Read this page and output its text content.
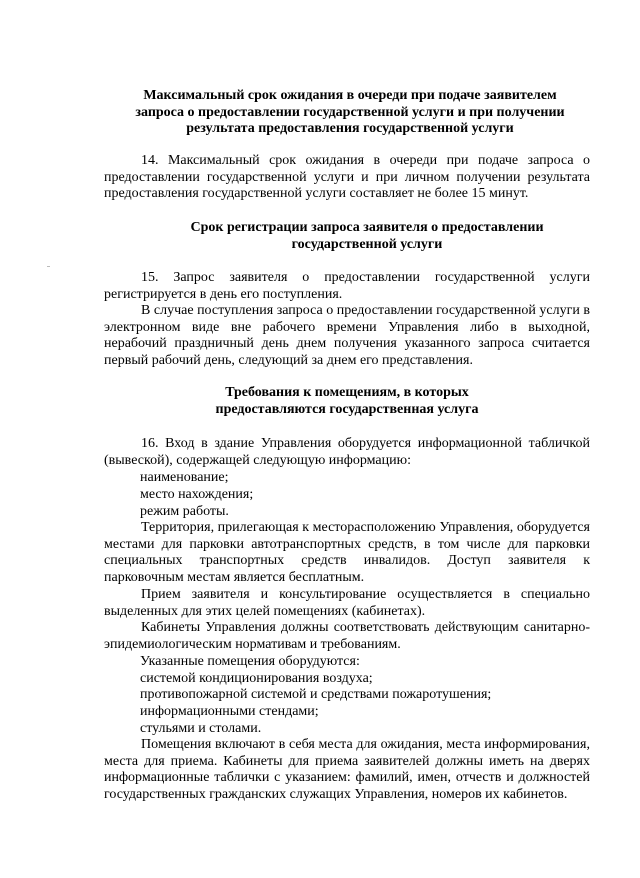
Максимальный срок ожидания в очереди при подаче заявителем
запроса о предоставлении государственной услуги и при получении
результата предоставления государственной услуги

14. Максимальный срок ожидания в очереди при подаче запроса о предоставлении государственной услуги и при личном получении результата предоставления государственной услуги составляет не более 15 минут.

Срок регистрации запроса заявителя о предоставлении
государственной услуги

15. Запрос заявителя о предоставлении государственной услуги регистрируется в день его поступления.

В случае поступления запроса о предоставлении государственной услуги в электронном виде вне рабочего времени Управления либо в выходной, нерабочий праздничный день днем получения указанного запроса считается первый рабочий день, следующий за днем его представления.

Требования к помещениям, в которых
предоставляются государственная услуга

16. Вход в здание Управления оборудуется информационной табличкой (вывеской), содержащей следующую информацию:

наименование;

место нахождения;

режим работы.

Территория, прилегающая к месторасположению Управления, оборудуется местами для парковки автотранспортных средств, в том числе для парковки специальных транспортных средств инвалидов. Доступ заявителя к парковочным местам является бесплатным.

Прием заявителя и консультирование осуществляется в специально выделенных для этих целей помещениях (кабинетах).

Кабинеты Управления должны соответствовать действующим санитарно-эпидемиологическим нормативам и требованиям.

Указанные помещения оборудуются:

системой кондиционирования воздуха;

противопожарной системой и средствами пожаротушения;

информационными стендами;

стульями и столами.

Помещения включают в себя места для ожидания, места информирования, места для приема. Кабинеты для приема заявителей должны иметь на дверях информационные таблички с указанием: фамилий, имен, отчеств и должностей государственных гражданских служащих Управления, номеров их кабинетов.
